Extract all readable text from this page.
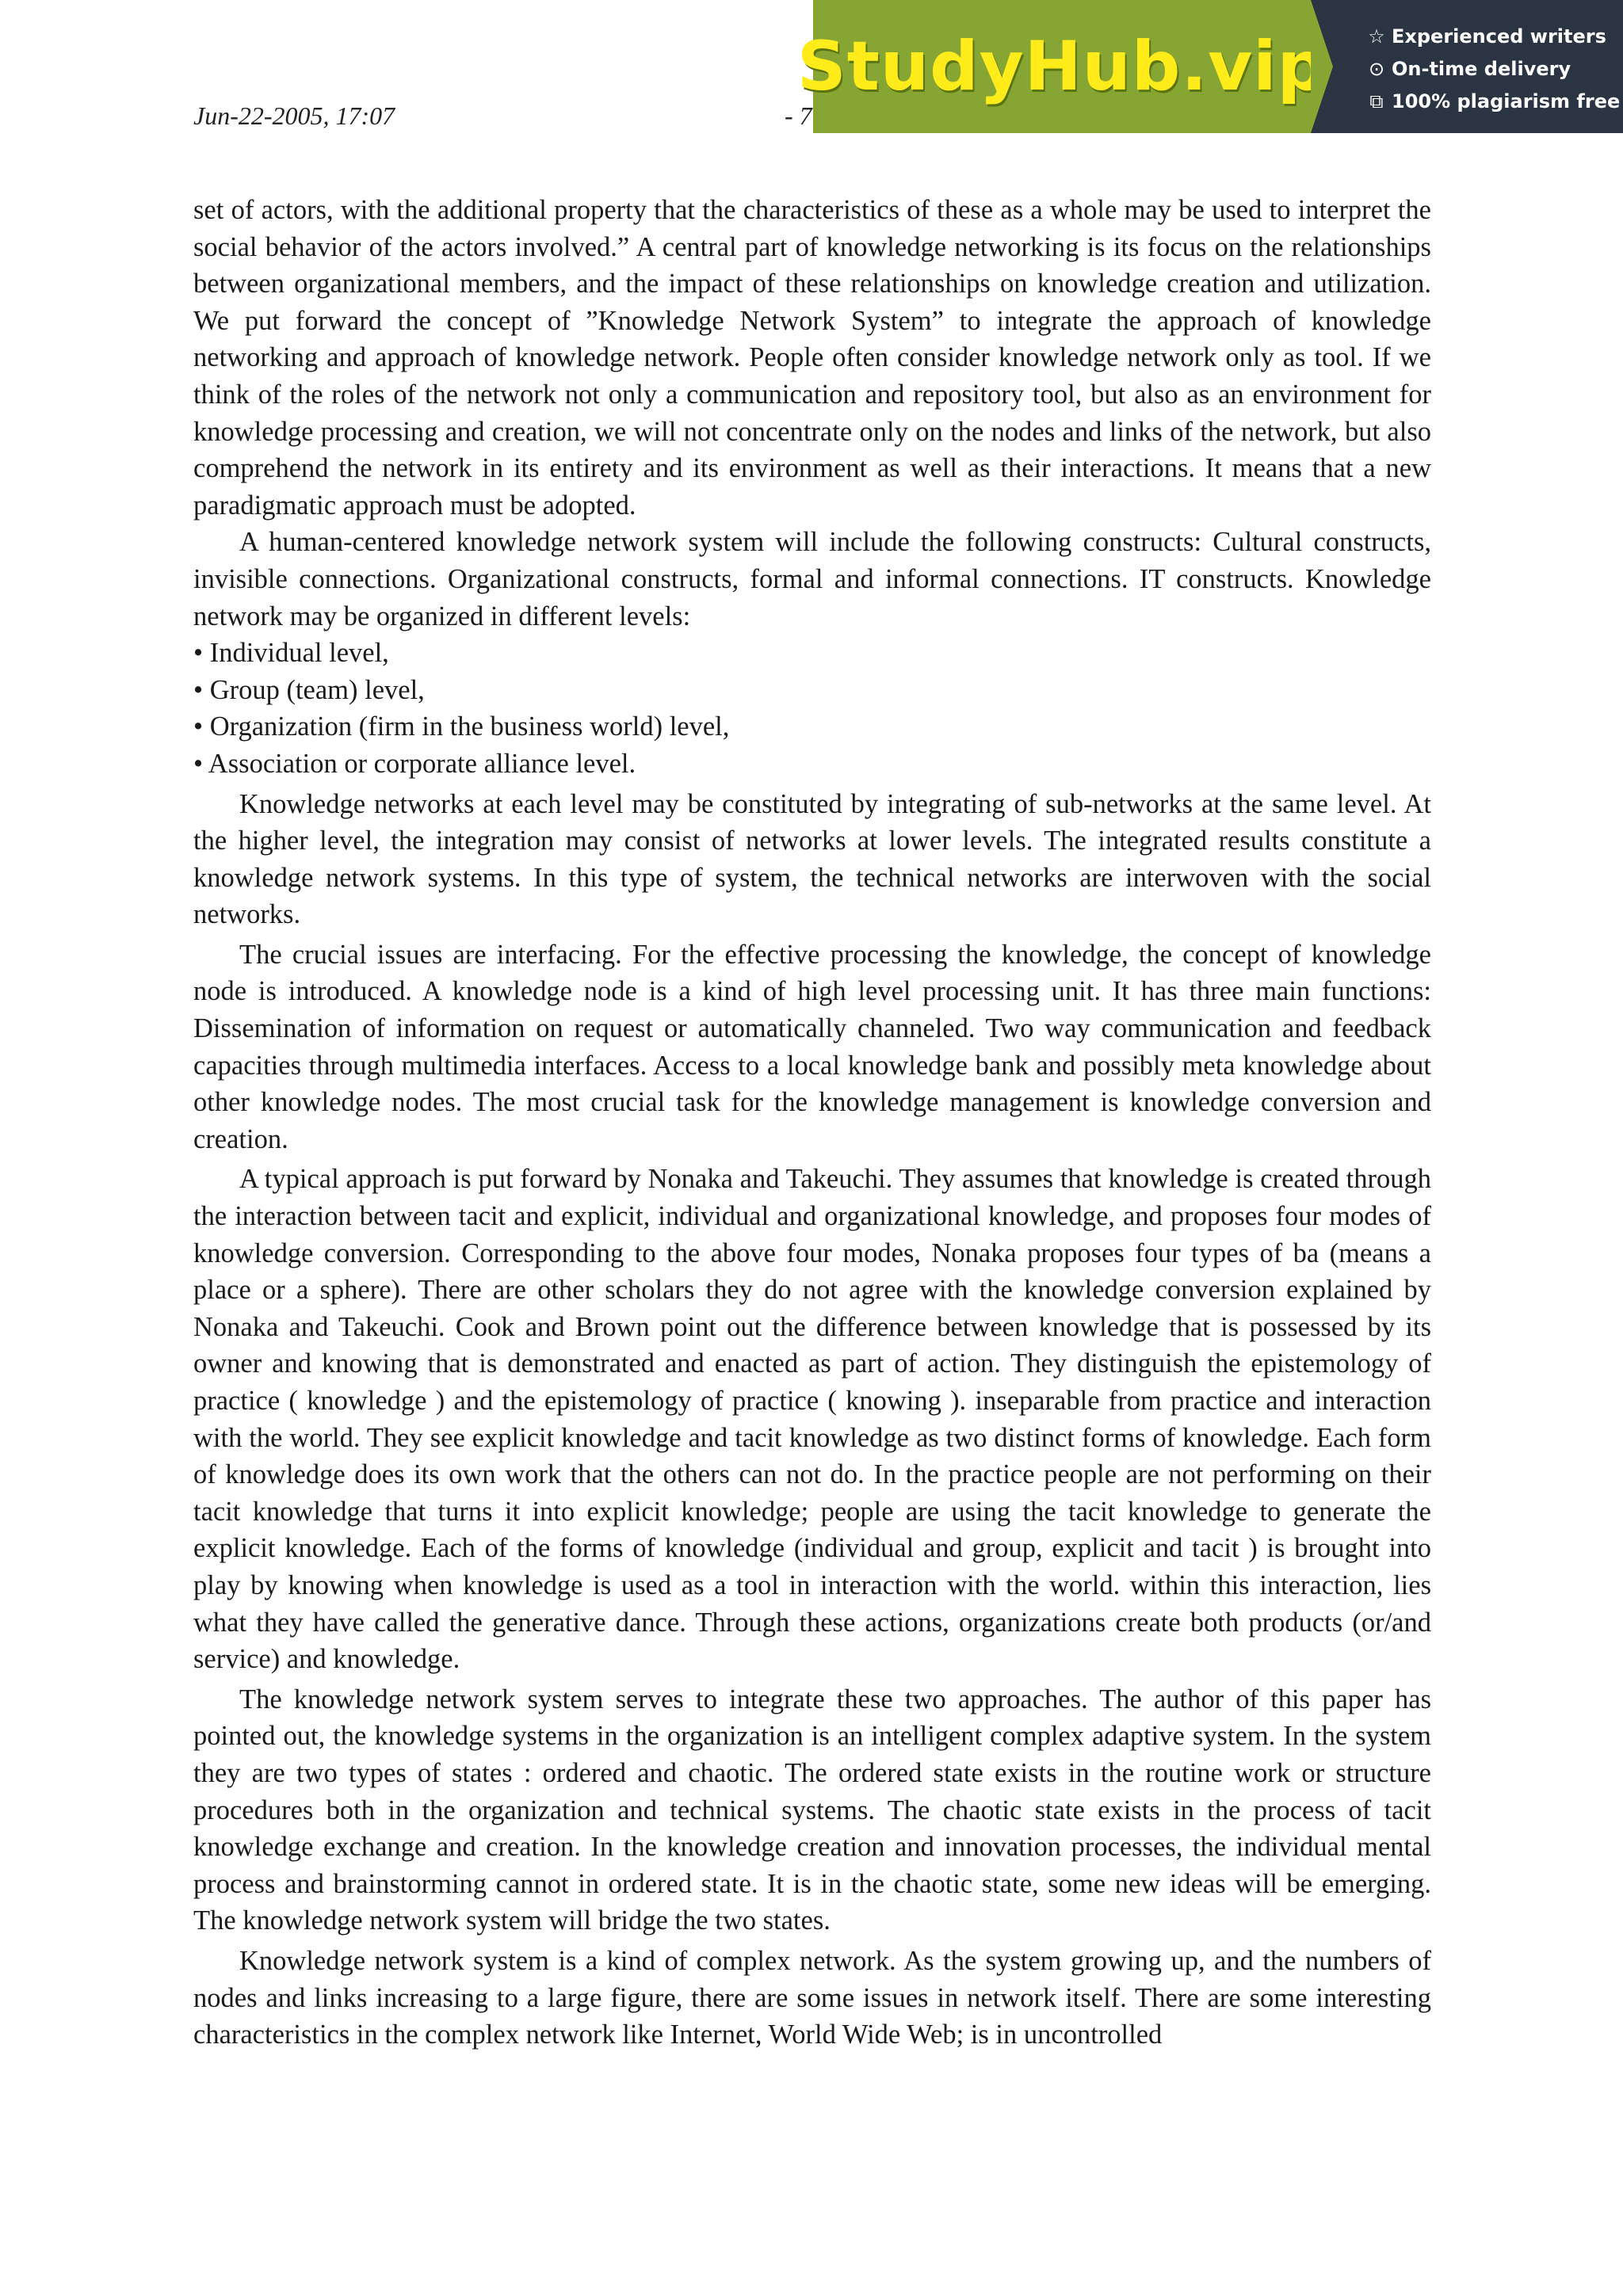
Jun-22-2005, 17:07	- 7
StudyHub.vip ☆ Experienced writers
⊙ On-time delivery
⧉ 100% plagiarism free

set of actors, with the additional property that the characteristics of these as a whole may be used to interpret the social behavior of the actors involved.” A central part of knowledge networking is its focus on the relationships between organizational members, and the impact of these relationships on knowledge creation and utilization. We put forward the concept of ”Knowledge Network System” to integrate the approach of knowledge networking and approach of knowledge network. People often consider knowledge network only as tool. If we think of the roles of the network not only a communication and repository tool, but also as an environment for knowledge processing and creation, we will not concentrate only on the nodes and links of the network, but also comprehend the network in its entirety and its environment as well as their interactions. It means that a new paradigmatic approach must be adopted.

A human-centered knowledge network system will include the following constructs: Cultural constructs, invisible connections. Organizational constructs, formal and informal connections. IT constructs. Knowledge network may be organized in different levels:

• Individual level,
• Group (team) level,
• Organization (firm in the business world) level,
• Association or corporate alliance level.

Knowledge networks at each level may be constituted by integrating of sub-networks at the same level. At the higher level, the integration may consist of networks at lower levels. The integrated results constitute a knowledge network systems. In this type of system, the technical networks are interwoven with the social networks.

The crucial issues are interfacing. For the effective processing the knowledge, the concept of knowledge node is introduced. A knowledge node is a kind of high level processing unit. It has three main functions: Dissemination of information on request or automatically channeled. Two way communication and feedback capacities through multimedia interfaces. Access to a local knowledge bank and possibly meta knowledge about other knowledge nodes. The most crucial task for the knowledge management is knowledge conversion and creation.

A typical approach is put forward by Nonaka and Takeuchi. They assumes that knowledge is created through the interaction between tacit and explicit, individual and organizational knowledge, and proposes four modes of knowledge conversion. Corresponding to the above four modes, Nonaka proposes four types of ba (means a place or a sphere). There are other scholars they do not agree with the knowledge conversion explained by Nonaka and Takeuchi. Cook and Brown point out the difference between knowledge that is possessed by its owner and knowing that is demonstrated and enacted as part of action. They distinguish the epistemology of practice ( knowledge ) and the epistemology of practice ( knowing ). inseparable from practice and interaction with the world. They see explicit knowledge and tacit knowledge as two distinct forms of knowledge. Each form of knowledge does its own work that the others can not do. In the practice people are not performing on their tacit knowledge that turns it into explicit knowledge; people are using the tacit knowledge to generate the explicit knowledge. Each of the forms of knowledge (individual and group, explicit and tacit ) is brought into play by knowing when knowledge is used as a tool in interaction with the world. within this interaction, lies what they have called the generative dance. Through these actions, organizations create both products (or/and service) and knowledge.

The knowledge network system serves to integrate these two approaches. The author of this paper has pointed out, the knowledge systems in the organization is an intelligent complex adaptive system. In the system they are two types of states : ordered and chaotic. The ordered state exists in the routine work or structure procedures both in the organization and technical systems. The chaotic state exists in the process of tacit knowledge exchange and creation. In the knowledge creation and innovation processes, the individual mental process and brainstorming cannot in ordered state. It is in the chaotic state, some new ideas will be emerging. The knowledge network system will bridge the two states.

Knowledge network system is a kind of complex network. As the system growing up, and the numbers of nodes and links increasing to a large figure, there are some issues in network itself. There are some interesting characteristics in the complex network like Internet, World Wide Web; is in uncontrolled
